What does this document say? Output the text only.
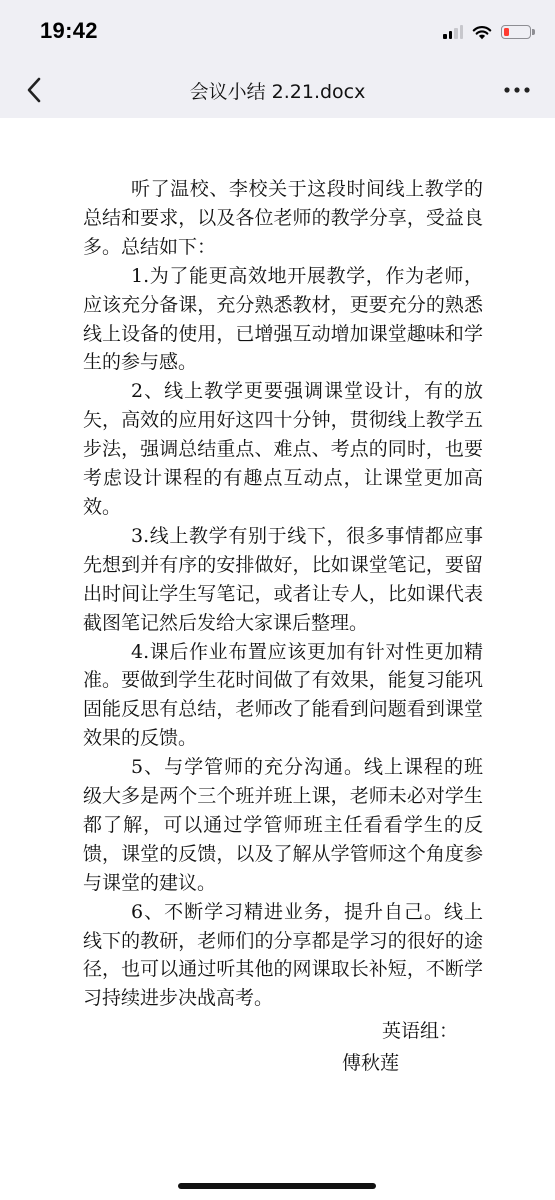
19:42
会议小结 2.21.docx

听了温校、李校关于这段时间线上教学的总结和要求，以及各位老师的教学分享，受益良多。总结如下：

1.为了能更高效地开展教学，作为老师，应该充分备课，充分熟悉教材，更要充分的熟悉线上设备的使用，已增强互动增加课堂趣味和学生的参与感。

2、线上教学更要强调课堂设计，有的放矢，高效的应用好这四十分钟，贯彻线上教学五步法，强调总结重点、难点、考点的同时，也要考虑设计课程的有趣点互动点，让课堂更加高效。

3.线上教学有别于线下，很多事情都应事先想到并有序的安排做好，比如课堂笔记，要留出时间让学生写笔记，或者让专人，比如课代表截图笔记然后发给大家课后整理。

4.课后作业布置应该更加有针对性更加精准。要做到学生花时间做了有效果，能复习能巩固能反思有总结，老师改了能看到问题看到课堂效果的反馈。

5、与学管师的充分沟通。线上课程的班级大多是两个三个班并班上课，老师未必对学生都了解，可以通过学管师班主任看看学生的反馈，课堂的反馈，以及了解从学管师这个角度参与课堂的建议。

6、不断学习精进业务，提升自己。线上线下的教研，老师们的分享都是学习的很好的途径，也可以通过听其他的网课取长补短，不断学习持续进步决战高考。

英语组：
傅秋莲
